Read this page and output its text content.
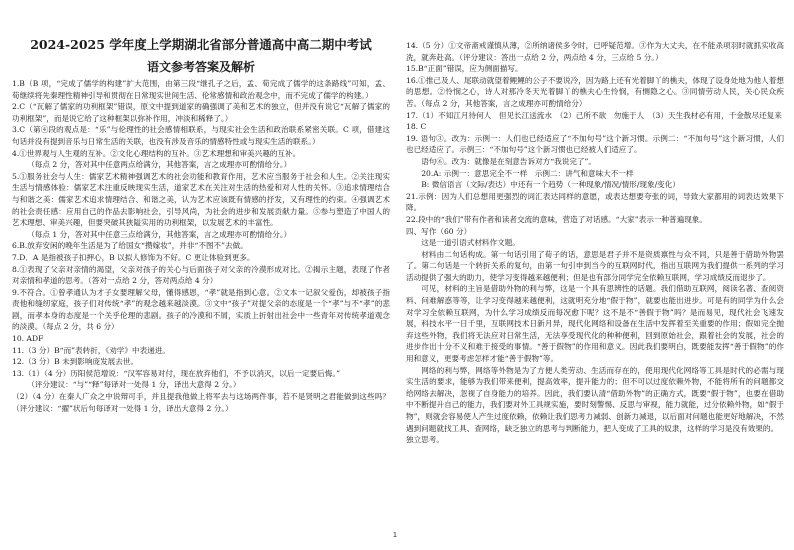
2024-2025 学年度上学期湖北省部分普通高中高二期中考试
语文参考答案及解析

1.B（B 项，“完成了儒学的构建”扩大范围，由第三段“继孔子之后，孟、荀完成了儒学的这条路线”可知，孟、荀继续将先秦理性精神引导和贯彻在日常现实世间生活、伦常感情和政治观念中，而不完成了儒学的构建。）

2.C（“瓦解了儒家的功利框架”错误，原文中提到道家的确强调了美和艺术的独立，但并没有说它“瓦解了儒家的功利框架”，而是说它给了这种框架以弥补作用，冲淡和稀释了。）

3.C（第④段的观点是：“乐”与伦理性的社会感情相联系，与现实社会生活和政治联系紧密关联。C 项，借建这句话并没有提到音乐与日常生活的关联，也没有涉及音乐的情感特性或与现实生活的联系。）

4.①世界观与人生观的互补。②文化心理结构的互补。③艺术理想和审美兴趣的互补。

（每点 2 分，答对其中任意两点给满分，其他答案，言之成理亦可酌情给分。）

5.①服务社会与人生：儒家艺术精神强调艺术的社会功能和教育作用，艺术应当服务于社会和人生。②关注现实生活与情感体验：儒家艺术注重反映现实生活，道家艺术在关注对生活的热爱和对人性的关怀。③追求情理结合与和谐之美：儒家艺术追求情理结合、和谐之美，认为艺术应该既有情感的抒发，又有理性的约束。④强调艺术的社会责任感：应用自己的作品去影响社会，引导风尚，为社会的进步和发展贡献力量。⑤参与塑造了中国人的艺术理想、审美兴趣，但要突破其狭隘实用的功利框架，以发展艺术的丰富性。

（每点 1 分，答对其中任意三点给满分，其他答案，言之成理亦可酌情给分。）

6.B.放弃安闲的晚年生活是为了给国女“攒嫁妆”，并非“不图不”去做。

7.D．A 是指被孩子扣押心，B 以拟人修饰为不好。C 更让体验到更多。

8.①表现了父亲对亲情的渴望，父亲对孩子的关心与后面孩子对父亲的冷漠形成对比。②揭示主题，表现了作者对亲情和孝道的思考。（答对一点给 2 分，答对两点给 4 分）

9.不符合。①曾孝通认为才子女要理解父母，懂得感恩，“孝”就是指到心意。②文本一记叙父爱伤，却被孩子指责他和缝纫家庭，孩子们对传统“孝”的观念越来越淡漠。③文中“孩子”对提父亲的态度是一个“孝”与不“孝”的悲剧，而孝本身的态度是一个关乎伦理的悲剧。孩子的冷漠和不屑，实质上折射出社会中一些青年对传统孝道观念的淡漠。（每点 2 分，共 6 分）

10. ADF

11.（3 分）B“而”表转折，《劝学》中表递进。

12.（3 分）B 未到影响庞发展去世。

13.（1）（4 分）历阳侯范增说：“汉军容易对付，现在放弃他们，不予以消灭，以后一定要后悔。”

（评分建议：“与”“释”每译对一处得 1 分，译出大意得 2 分。）

（2）（4 分）在秦人广众之中说辩可手，并且提我他做上将军去与这场两件事，若不是贤明之君能做到这些吗？（评分建议：“擢”状后句每译对一处得 1 分，译出大意得 2 分。）

14.（5 分）①文帝斋戒谨慎从薄，②所纳诸侯多令时，已呼疑范增。③作为大丈夫，在不能杀项羽时就抓实收高洗，就奔赴高。（评分建议：答出一点给 2 分，两点给 4 分，三点给 5 分。）

15.B“正面”错误，应为侧面描写。

16.①推己及人、尾联动就望着鲤鲤的公子不要说冷，因为路上还有光着脚丫的樵夫，体现了设身处地为他人着想的思想。②怜悯之心，诗人对那冷冬天光着脚丫的樵夫心生怜悯，有恻隐之心。③同情劳动人民，关心民众疾苦。（每点 2 分，其他答案，言之成理亦可酌情给分）

17.（1）不知江月待何人　但见长江送流水　（2）己所不欲　勿施于人　（3）天生我材必有用，千金散尽还复来

18. C

19. 语句③。改为：示例一：人们也已经适应了“不加句号”这个新习惯。示例二：“不加句号”这个新习惯，人们也已经适应了。示例三：“不加句号”这个新习惯也已经被人们适应了。

语句⑥。改为：就像是在刻意告诉对方“我说完了”。

20.A: 示例一：意思完全不一样　示例二：讲气和意味大不一样

B: 微信语言（文际/表达）中还有一个趋势（一种现象/情况/情形/现象/变化）

21.示例：因为人们总想用更强烈的词汇表达同样的意愿，或表达想要夸张的词，导致大家都用的词表达效果下降。

22.段中的“我们”带有作者和读者交流的意味，营造了对话感。“大家”表示一种普遍现象。

四、写作（60 分）

这是一道引语式材料作文题。

材料由二句话构成。第一句话引用了荀子的话，意思是君子并不是资质禀性与众不同，只是善于借助外物罢了。第二句话是一个转折关系的复句，由第一句引申到当今的互联网时代，指出互联网为我们提供一系列的学习活动提供了强大的助力，使学习变得越来越便利；但是也有部分同学完全依赖互联网，学习成绩反而退步了。

可见，材料的主旨是借助外物的利与弊，这是一个具有思辨性的话题。我们借助互联网，阅读名著、查阅资料、问难解惑等等，让学习变得越来越便利，这就明充分地“假于物”，就要也能出进步。可是有的同学为什么会对学习全依赖互联网，为什么学习成绩反而每况愈下呢？这不是不“善假于物”吗？是而易见，现代社会飞速发展，科技水平一日千里，互联网技术日新月异，现代化网络和设备在生活中发挥着至关重要的作用；假如完全抛弃这些外物，我们将无法应对日常生活，无法享受现代化的种种便利，回到原始社会，跟着社会的发展，社会的进步作出十分不义和难于接受的事情。“善于假物”的作用和意义。因此我们要明白，既要能发挥“善于假物”的作用和意义，更要考虑怎样才能“善于假物”等。

网络的利与弊，网络等外物是为了方便人类劳动、生活而存在的，使用现代化网络等工具是时代的必需与现实生活的要求，能够为我们带来便利，提高效率，提升能力的；但不可以过度依赖外物，不能将所有的问题都交给网络去解决，忽视了自身能力的培养。因此，我们要认清“借助外物”的正确方式，既要“假于物”，也要在借助中不断提升自己的能力，我们要对外工具规实施，要时刻警惕、反思与审视，能力就能，过分依赖外物，如“假于物”，则就会容易使人产生过度依赖，依赖让我们思考力减弱、创新力减退，以后面对问题也能更好地解决，不然遇到问题就找工具、查网络，缺乏独立的思考与判断能力，把人变成了工具的奴隶，这样的学习是没有效果的。

独立思考。

1
